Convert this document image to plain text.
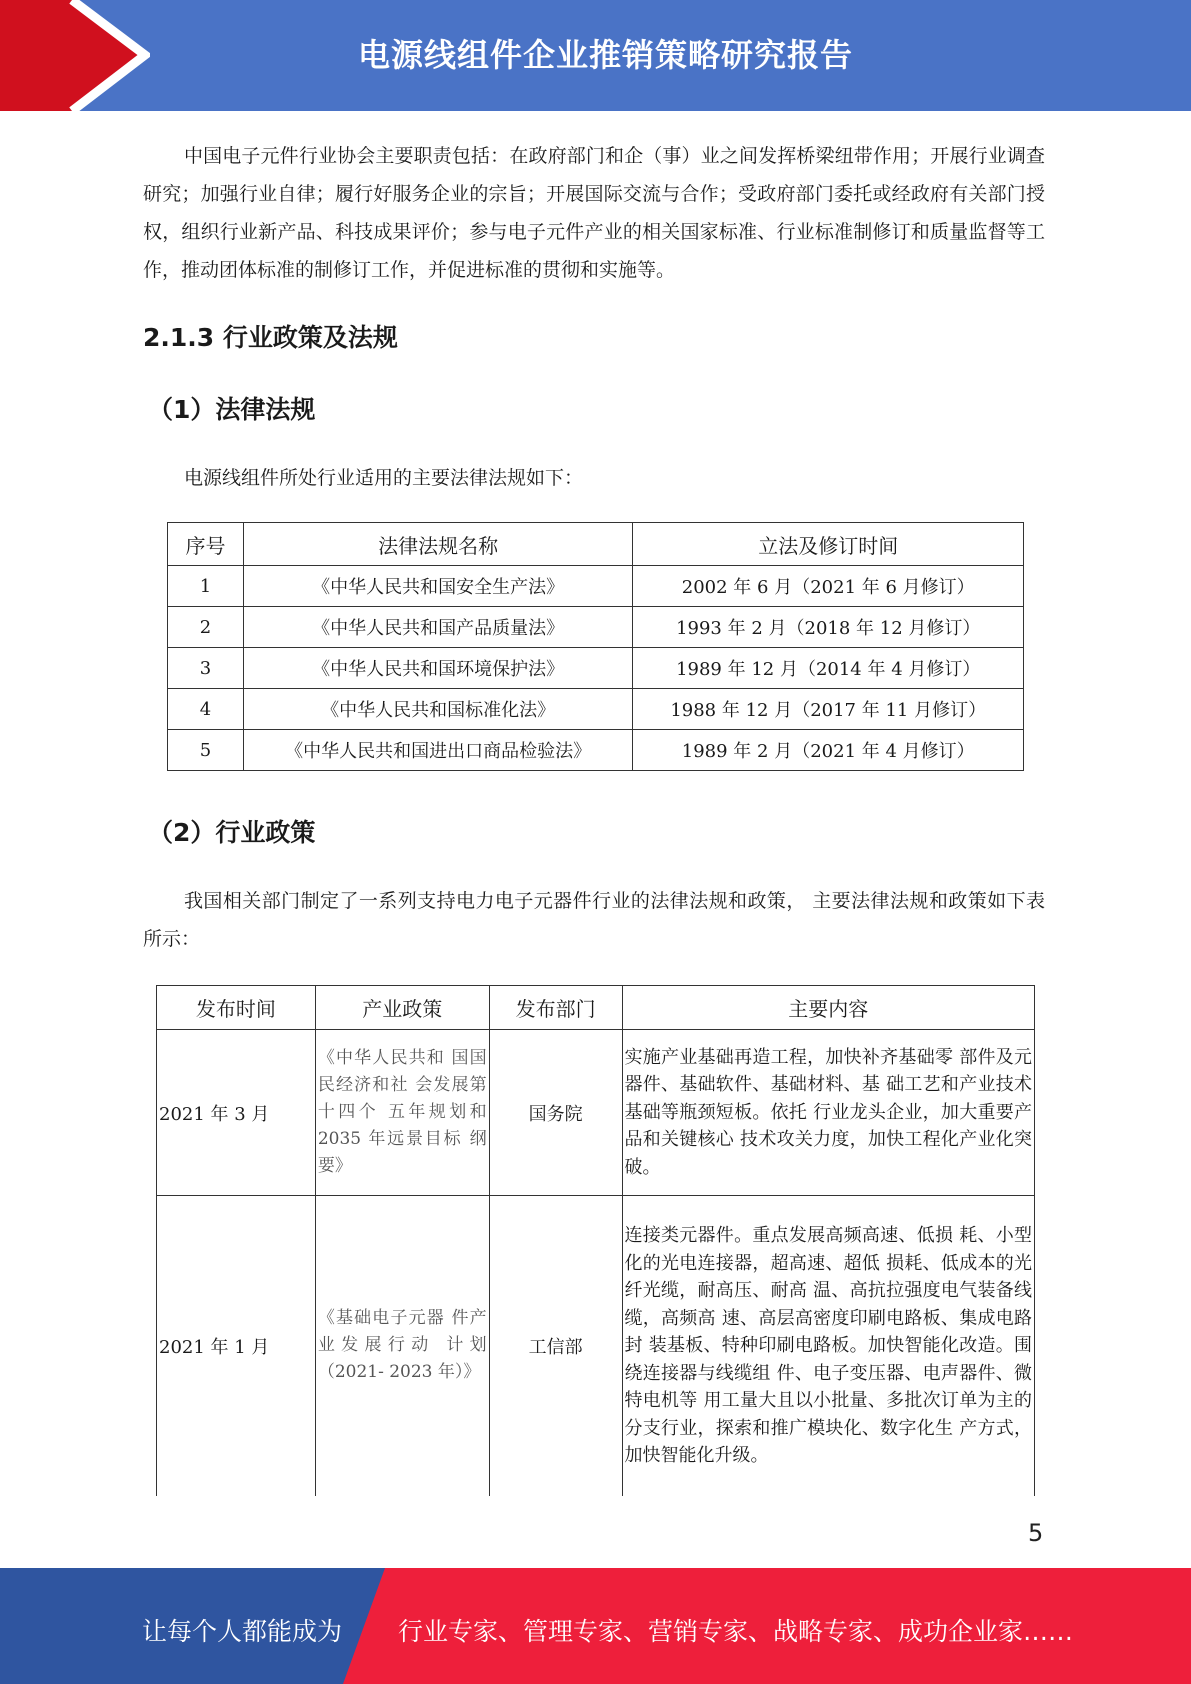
电源线组件企业推销策略研究报告
中国电子元件行业协会主要职责包括：在政府部门和企（事）业之间发挥桥梁纽带作用；开展行业调查研究；加强行业自律；履行好服务企业的宗旨；开展国际交流与合作；受政府部门委托或经政府有关部门授权，组织行业新产品、科技成果评价；参与电子元件产业的相关国家标准、行业标准制修订和质量监督等工作，推动团体标准的制修订工作，并促进标准的贯彻和实施等。
2.1.3 行业政策及法规
（1）法律法规
电源线组件所处行业适用的主要法律法规如下：
序号	法律法规名称	立法及修订时间
1	《中华人民共和国安全生产法》	2002 年 6 月（2021 年 6 月修订）
2	《中华人民共和国产品质量法》	1993 年 2 月（2018 年 12 月修订）
3	《中华人民共和国环境保护法》	1989 年 12 月（2014 年 4 月修订）
4	《中华人民共和国标准化法》	1988 年 12 月（2017 年 11 月修订）
5	《中华人民共和国进出口商品检验法》	1989 年 2 月（2021 年 4 月修订）
（2）行业政策
我国相关部门制定了一系列支持电力电子元器件行业的法律法规和政策， 主要法律法规和政策如下表所示：
发布时间	产业政策	发布部门	主要内容
2021 年 3 月	《中华人民共和 国国民经济和社 会发展第十四个 五年规划和 2035 年远景目标 纲要》	国务院	实施产业基础再造工程，加快补齐基础零 部件及元器件、基础软件、基础材料、基 础工艺和产业技术基础等瓶颈短板。依托 行业龙头企业，加大重要产品和关键核心 技术攻关力度，加快工程化产业化突破。
2021 年 1 月	《基础电子元器 件产业发展行动 计划（2021- 2023 年）》	工信部	连接类元器件。重点发展高频高速、低损 耗、小型化的光电连接器，超高速、超低 损耗、低成本的光纤光缆，耐高压、耐高 温、高抗拉强度电气装备线缆，高频高 速、高层高密度印刷电路板、集成电路封 装基板、特种印刷电路板。加快智能化改造。围绕连接器与线缆组 件、电子变压器、电声器件、微特电机等 用工量大且以小批量、多批次订单为主的 分支行业，探索和推广模块化、数字化生 产方式，加快智能化升级。
5
让每个人都能成为 行业专家、管理专家、营销专家、战略专家、成功企业家……
